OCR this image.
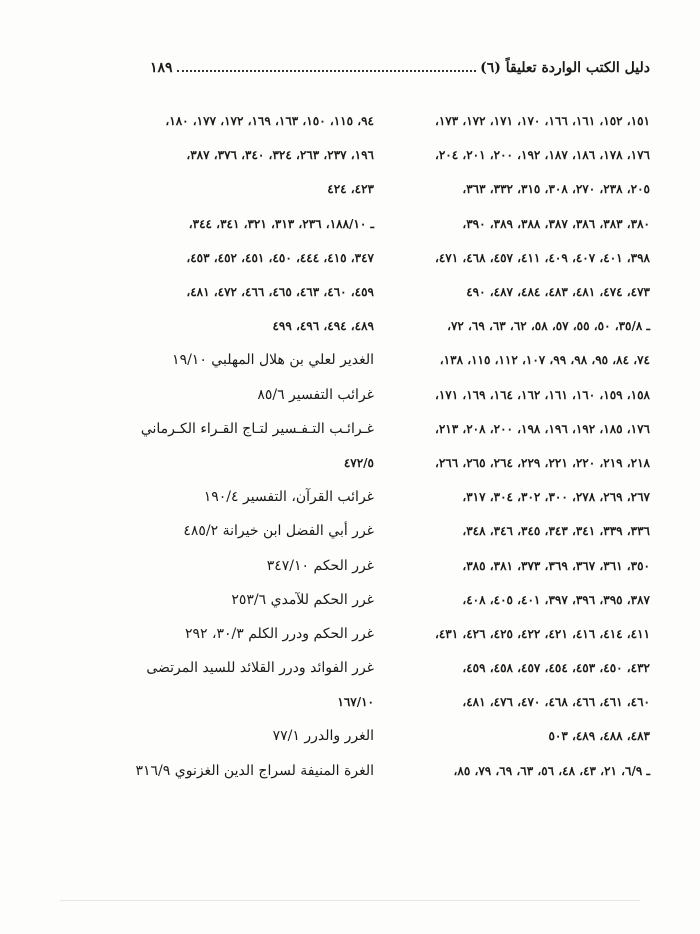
دليل الكتب الواردة تعليقاً (٦)
١٨٩
١٥١، ١٥٢، ١٦١، ١٦٦، ١٧٠، ١٧١، ١٧٢، ١٧٣،
١٧٦، ١٧٨، ١٨٦، ١٨٧، ١٩٢، ٢٠٠، ٢٠١، ٢٠٤،
٢٠٥، ٢٣٨، ٢٧٠، ٣٠٨، ٣١٥، ٣٣٢، ٣٦٣،
٣٨٠، ٣٨٣، ٣٨٦، ٣٨٧، ٣٨٨، ٣٨٩، ٣٩٠،
٣٩٨، ٤٠١، ٤٠٧، ٤٠٩، ٤١١، ٤٥٧، ٤٦٨، ٤٧١،
٤٧٣، ٤٧٤، ٤٨١، ٤٨٣، ٤٨٤، ٤٨٧، ٤٩٠
ـ ٣٥/٨، ٥٠، ٥٥، ٥٧، ٥٨، ٦٢، ٦٣، ٦٩، ٧٢،
٧٤، ٨٤، ٩٥، ٩٨، ٩٩، ١٠٧، ١١٢، ١١٥، ١٣٨،
١٥٨، ١٥٩، ١٦٠، ١٦١، ١٦٢، ١٦٤، ١٦٩، ١٧١،
١٧٦، ١٨٥، ١٩٢، ١٩٦، ١٩٨، ٢٠٠، ٢٠٨، ٢١٣،
٢١٨، ٢١٩، ٢٢٠، ٢٢١، ٢٢٩، ٢٦٤، ٢٦٥، ٢٦٦،
٢٦٧، ٢٦٩، ٢٧٨، ٣٠٠، ٣٠٢، ٣٠٤، ٣١٧،
٣٣٦، ٣٣٩، ٣٤١، ٣٤٣، ٣٤٥، ٣٤٦، ٣٤٨،
٣٥٠، ٣٦١، ٣٦٧، ٣٦٩، ٣٧٣، ٣٨١، ٣٨٥،
٣٨٧، ٣٩٥، ٣٩٦، ٣٩٧، ٤٠١، ٤٠٥، ٤٠٨،
٤١١، ٤١٤، ٤١٦، ٤٢١، ٤٢٢، ٤٢٥، ٤٢٦، ٤٣١،
٤٣٢، ٤٥٠، ٤٥٣، ٤٥٤، ٤٥٧، ٤٥٨، ٤٥٩،
٤٦٠، ٤٦١، ٤٦٦، ٤٦٨، ٤٧٠، ٤٧٦، ٤٨١،
٤٨٣، ٤٨٨، ٤٨٩، ٥٠٣
ـ ٦/٩، ٢١، ٤٣، ٤٨، ٥٦، ٦٣، ٦٩، ٧٩، ٨٥،
٩٤، ١١٥، ١٥٠، ١٦٣، ١٦٩، ١٧٢، ١٧٧، ١٨٠،
١٩٦، ٢٣٧، ٢٦٣، ٣٢٤، ٣٤٠، ٣٧٦، ٣٨٧،
٤٢٣، ٤٢٤
ـ ١٨٨/١٠، ٢٣٦، ٣١٣، ٣٢١، ٣٤١، ٣٤٤،
٣٤٧، ٤١٥، ٤٤٤، ٤٥٠، ٤٥١، ٤٥٢، ٤٥٣،
٤٥٩، ٤٦٠، ٤٦٣، ٤٦٥، ٤٦٦، ٤٧٢، ٤٨١،
٤٨٩، ٤٩٤، ٤٩٦، ٤٩٩
الغدير لعلي بن هلال المهلبي ١٩/١٠
غرائب التفسير ٨٥/٦
غـرائـب التـفـسير لتـاج القـراء الكـرماني
٤٧٢/٥
غرائب القرآن، التفسير ١٩٠/٤
غرر أبي الفضل ابن خيرانة ٤٨٥/٢
غرر الحكم ٣٤٧/١٠
غرر الحكم للآمدي ٢٥٣/٦
غرر الحكم ودرر الكلم ٣٠/٣، ٢٩٢
غرر الفوائد ودرر القلائد للسيد المرتضى
١٦٧/١٠
الغرر والدرر ٧٧/١
الغرة المنيفة لسراج الدين الغزنوي ٣١٦/٩
